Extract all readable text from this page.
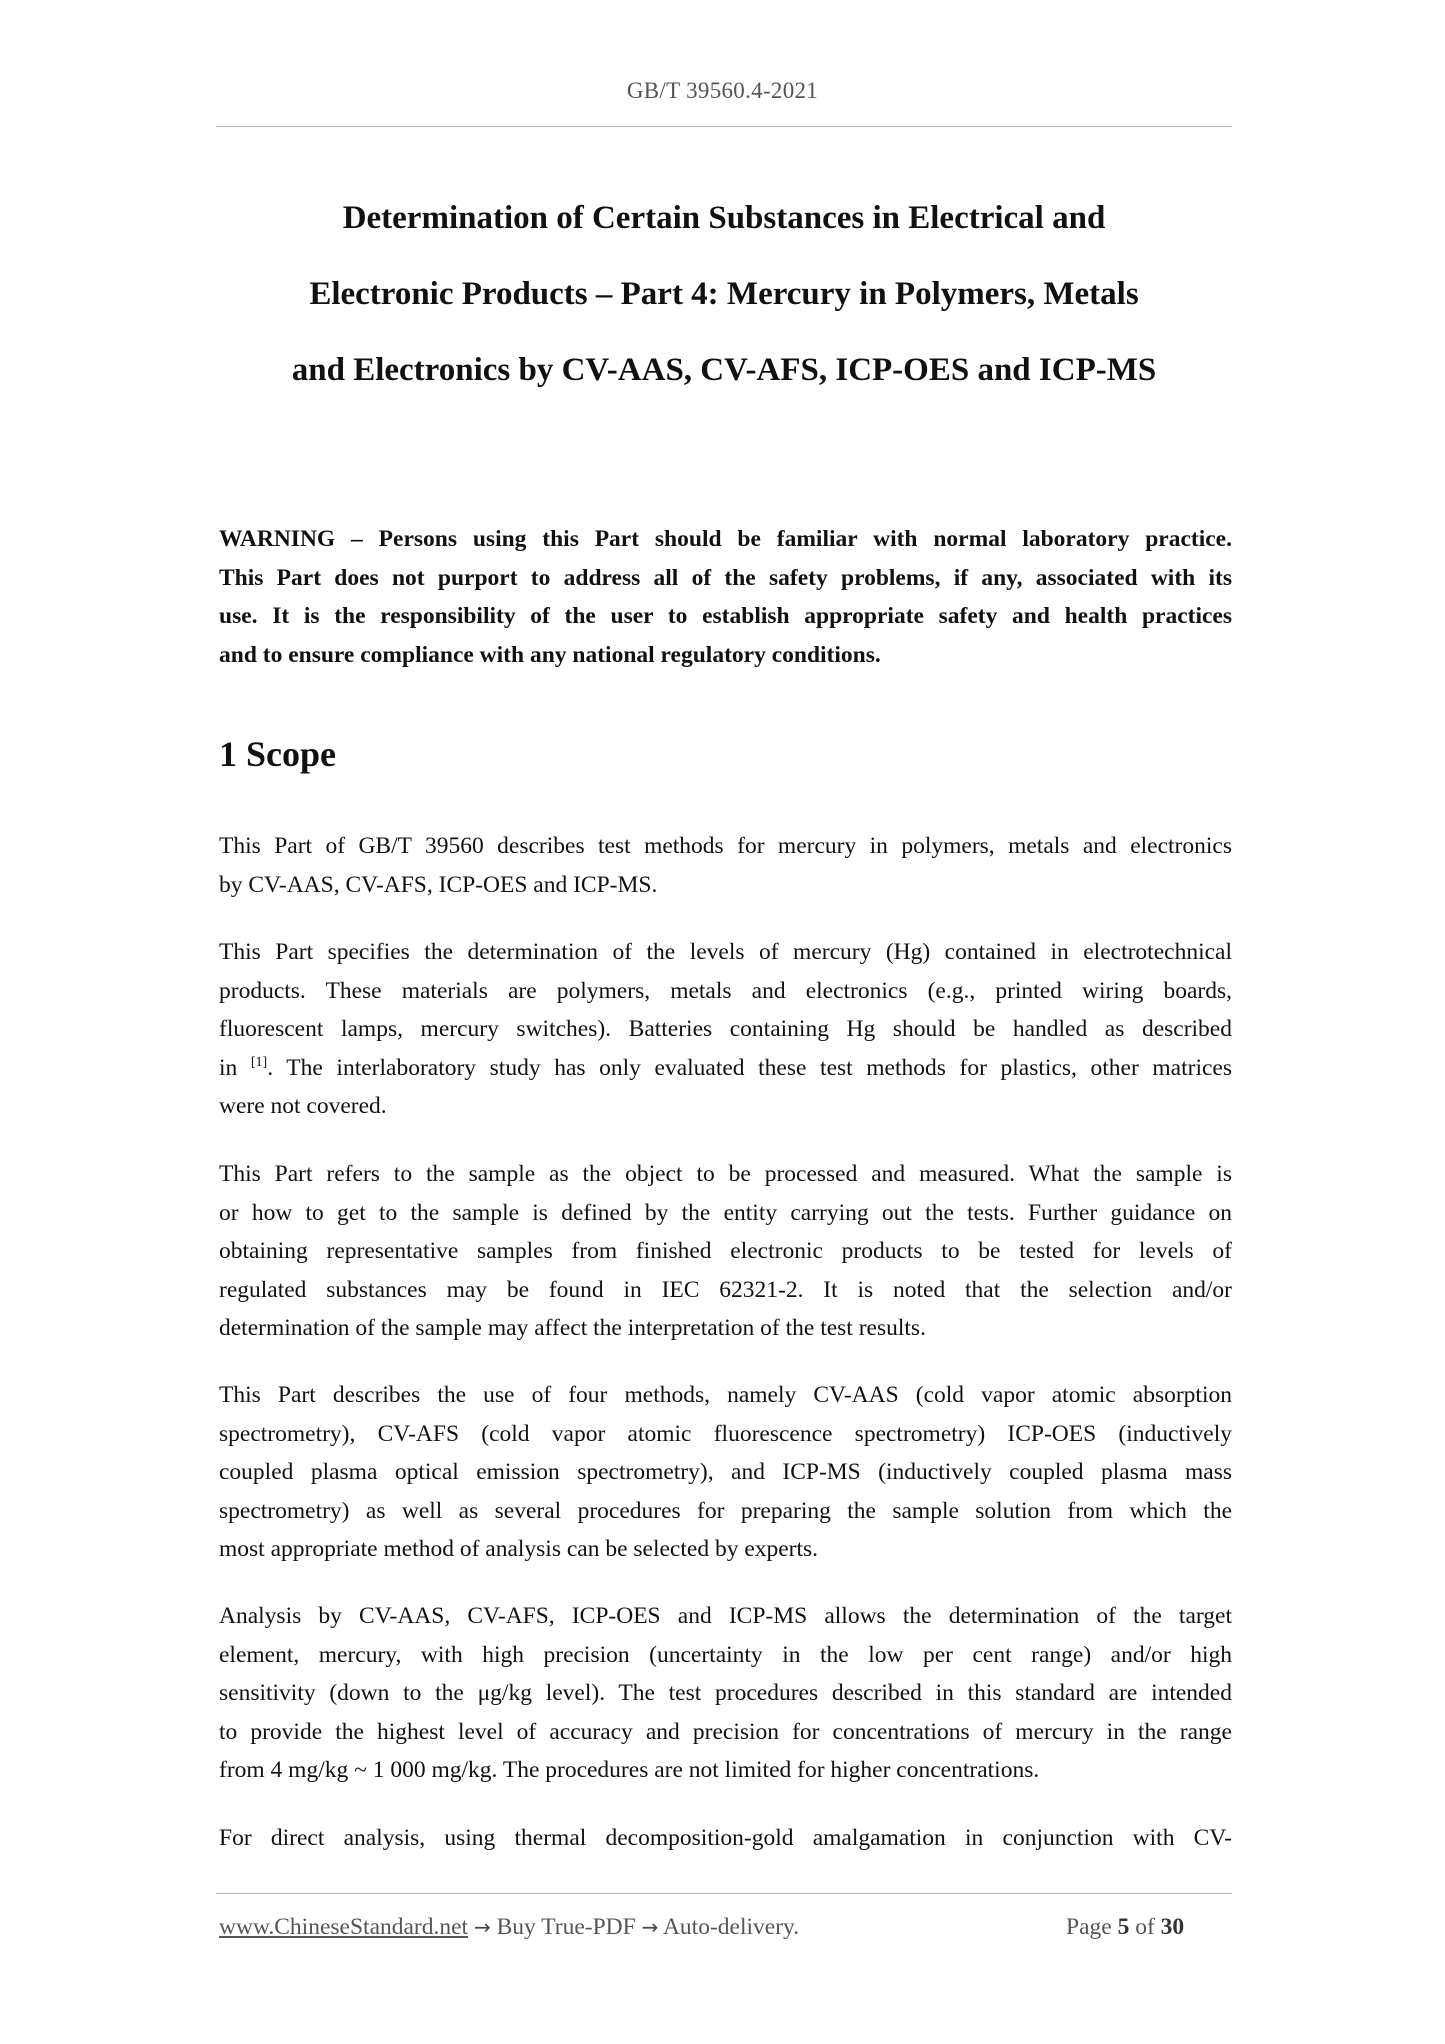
GB/T 39560.4-2021
Determination of Certain Substances in Electrical and
Electronic Products – Part 4: Mercury in Polymers, Metals
and Electronics by CV-AAS, CV-AFS, ICP-OES and ICP-MS
WARNING – Persons using this Part should be familiar with normal laboratory practice.
This Part does not purport to address all of the safety problems, if any, associated with its
use. It is the responsibility of the user to establish appropriate safety and health practices
and to ensure compliance with any national regulatory conditions.
1 Scope
This Part of GB/T 39560 describes test methods for mercury in polymers, metals and electronics
by CV-AAS, CV-AFS, ICP-OES and ICP-MS.
This Part specifies the determination of the levels of mercury (Hg) contained in electrotechnical
products. These materials are polymers, metals and electronics (e.g., printed wiring boards,
fluorescent lamps, mercury switches). Batteries containing Hg should be handled as described
in [1]. The interlaboratory study has only evaluated these test methods for plastics, other matrices
were not covered.
This Part refers to the sample as the object to be processed and measured. What the sample is
or how to get to the sample is defined by the entity carrying out the tests. Further guidance on
obtaining representative samples from finished electronic products to be tested for levels of
regulated substances may be found in IEC 62321-2. It is noted that the selection and/or
determination of the sample may affect the interpretation of the test results.
This Part describes the use of four methods, namely CV-AAS (cold vapor atomic absorption
spectrometry), CV-AFS (cold vapor atomic fluorescence spectrometry) ICP-OES (inductively
coupled plasma optical emission spectrometry), and ICP-MS (inductively coupled plasma mass
spectrometry) as well as several procedures for preparing the sample solution from which the
most appropriate method of analysis can be selected by experts.
Analysis by CV-AAS, CV-AFS, ICP-OES and ICP-MS allows the determination of the target
element, mercury, with high precision (uncertainty in the low per cent range) and/or high
sensitivity (down to the μg/kg level). The test procedures described in this standard are intended
to provide the highest level of accuracy and precision for concentrations of mercury in the range
from 4 mg/kg ~ 1 000 mg/kg. The procedures are not limited for higher concentrations.
For direct analysis, using thermal decomposition-gold amalgamation in conjunction with CV-
www.ChineseStandard.net → Buy True-PDF → Auto-delivery.	Page 5 of 30
